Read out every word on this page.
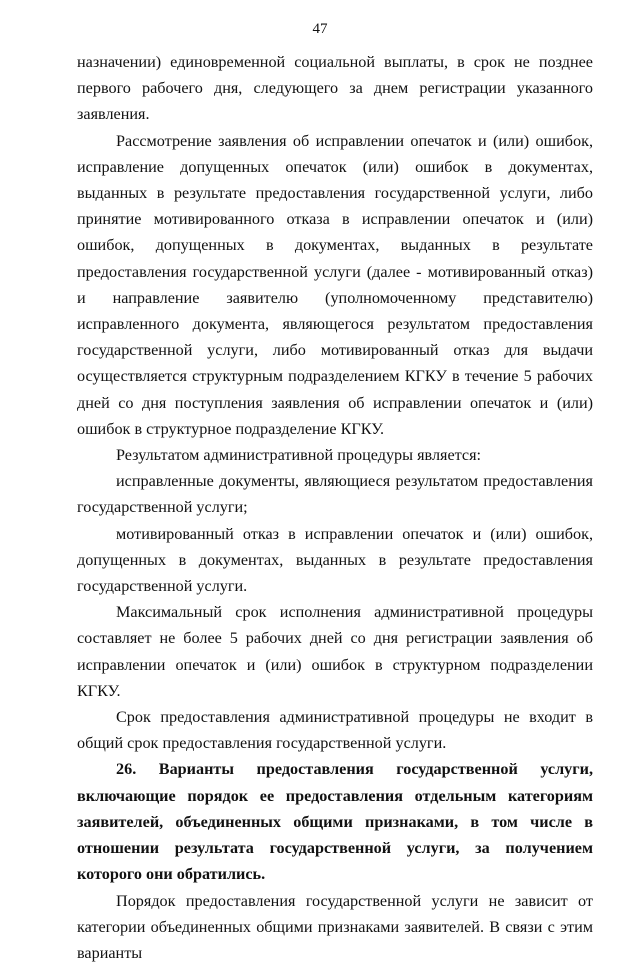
47

назначении) единовременной социальной выплаты, в срок не позднее первого рабочего дня, следующего за днем регистрации указанного заявления.

Рассмотрение заявления об исправлении опечаток и (или) ошибок, исправление допущенных опечаток (или) ошибок в документах, выданных в результате предоставления государственной услуги, либо принятие мотивированного отказа в исправлении опечаток и (или) ошибок, допущенных в документах, выданных в результате предоставления государственной услуги (далее - мотивированный отказ) и направление заявителю (уполномоченному представителю) исправленного документа, являющегося результатом предоставления государственной услуги, либо мотивированный отказ для выдачи осуществляется структурным подразделением КГКУ в течение 5 рабочих дней со дня поступления заявления об исправлении опечаток и (или) ошибок в структурное подразделение КГКУ.

Результатом административной процедуры является:

исправленные документы, являющиеся результатом предоставления государственной услуги;

мотивированный отказ в исправлении опечаток и (или) ошибок, допущенных в документах, выданных в результате предоставления государственной услуги.

Максимальный срок исполнения административной процедуры составляет не более 5 рабочих дней со дня регистрации заявления об исправлении опечаток и (или) ошибок в структурном подразделении КГКУ.

Срок предоставления административной процедуры не входит в общий срок предоставления государственной услуги.

26. Варианты предоставления государственной услуги, включающие порядок ее предоставления отдельным категориям заявителей, объединенных общими признаками, в том числе в отношении результата государственной услуги, за получением которого они обратились.

Порядок предоставления государственной услуги не зависит от категории объединенных общими признаками заявителей. В связи с этим варианты
